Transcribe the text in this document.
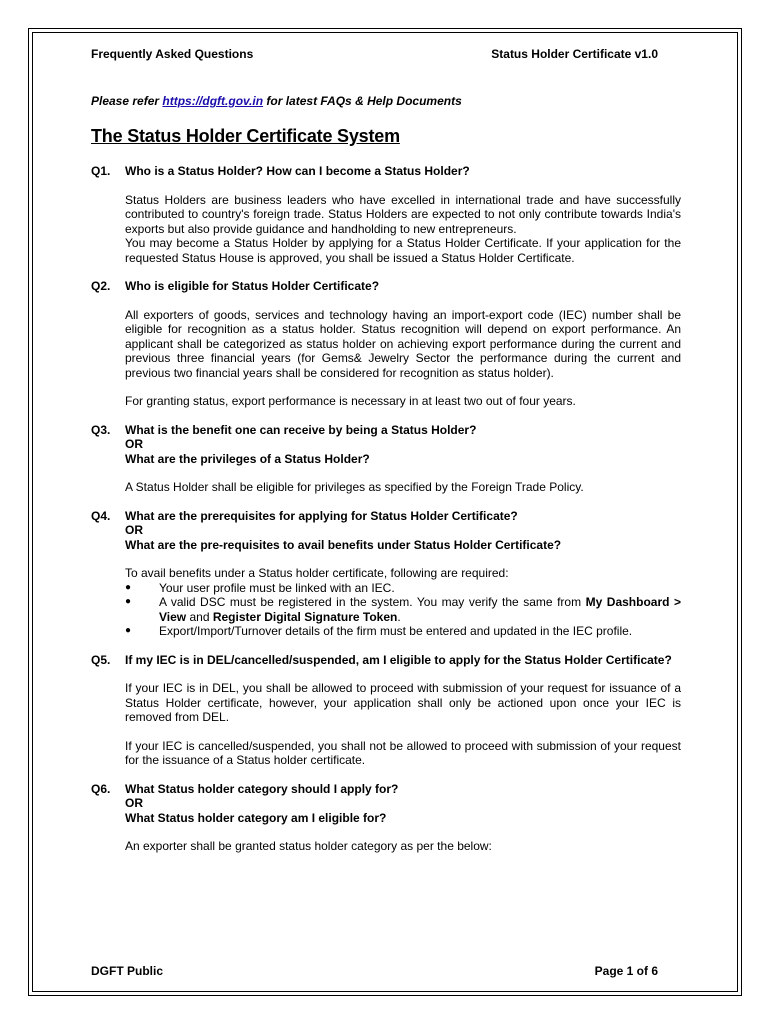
Frequently Asked Questions	Status Holder Certificate v1.0
Please refer https://dgft.gov.in for latest FAQs & Help Documents
The Status Holder Certificate System
Q1.	Who is a Status Holder? How can I become a Status Holder?

Status Holders are business leaders who have excelled in international trade and have successfully contributed to country's foreign trade. Status Holders are expected to not only contribute towards India's exports but also provide guidance and handholding to new entrepreneurs.

You may become a Status Holder by applying for a Status Holder Certificate. If your application for the requested Status House is approved, you shall be issued a Status Holder Certificate.

Q2.	Who is eligible for Status Holder Certificate?

All exporters of goods, services and technology having an import-export code (IEC) number shall be eligible for recognition as a status holder. Status recognition will depend on export performance. An applicant shall be categorized as status holder on achieving export performance during the current and previous three financial years (for Gems& Jewelry Sector the performance during the current and previous two financial years shall be considered for recognition as status holder).

For granting status, export performance is necessary in at least two out of four years.

Q3.	What is the benefit one can receive by being a Status Holder?
OR
What are the privileges of a Status Holder?

A Status Holder shall be eligible for privileges as specified by the Foreign Trade Policy.

Q4.	What are the prerequisites for applying for Status Holder Certificate?
OR
What are the pre-requisites to avail benefits under Status Holder Certificate?

To avail benefits under a Status holder certificate, following are required:

●	Your user profile must be linked with an IEC.
●	A valid DSC must be registered in the system. You may verify the same from My Dashboard > View and Register Digital Signature Token.
●	Export/Import/Turnover details of the firm must be entered and updated in the IEC profile.
Q5.	If my IEC is in DEL/cancelled/suspended, am I eligible to apply for the Status Holder Certificate?

If your IEC is in DEL, you shall be allowed to proceed with submission of your request for issuance of a Status Holder certificate, however, your application shall only be actioned upon once your IEC is removed from DEL.

If your IEC is cancelled/suspended, you shall not be allowed to proceed with submission of your request for the issuance of a Status holder certificate.

Q6.	What Status holder category should I apply for?
OR
What Status holder category am I eligible for?

An exporter shall be granted status holder category as per the below:

DGFT Public	Page 1 of 6
